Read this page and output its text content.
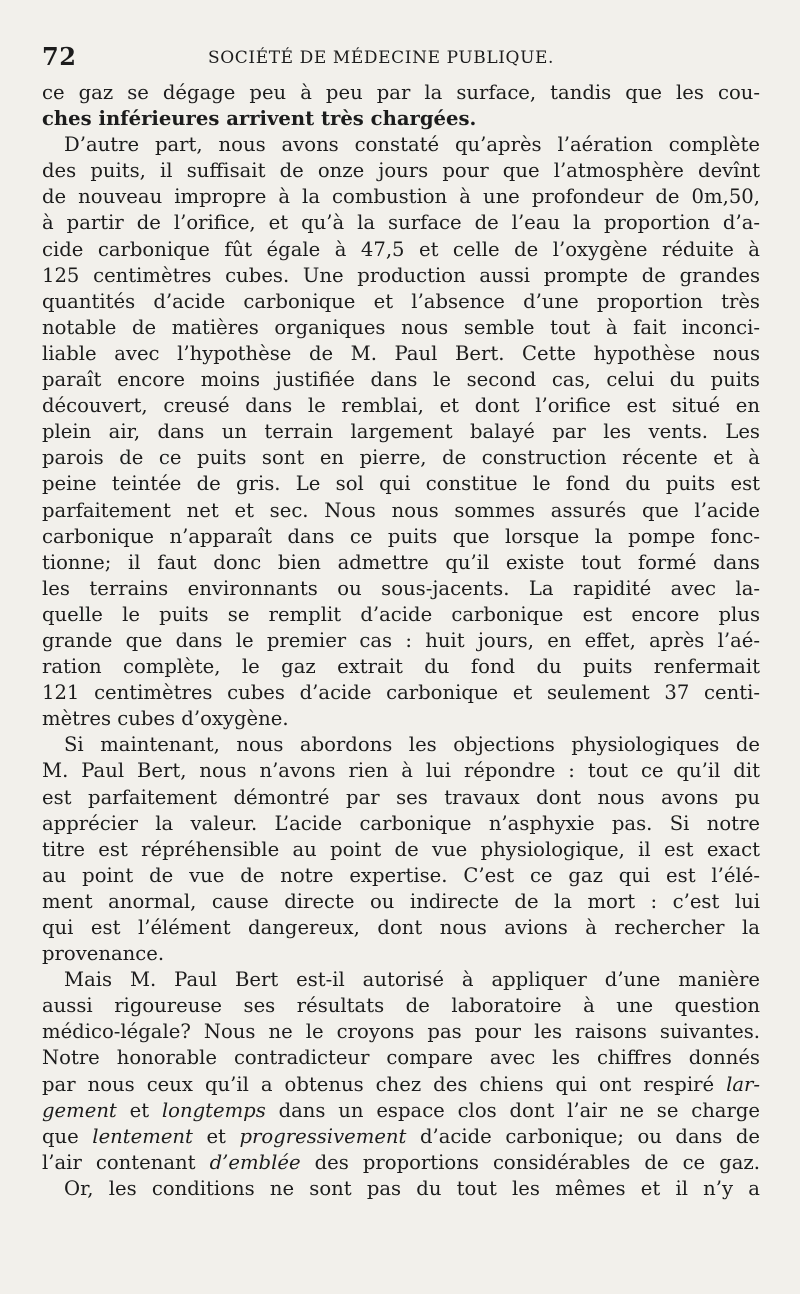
72	SOCIÉTÉ DE MÉDECINE PUBLIQUE.
ce gaz se dégage peu à peu par la surface, tandis que les cou-
ches inférieures arrivent très chargées.
D’autre part, nous avons constaté qu’après l’aération complète
des puits, il suffisait de onze jours pour que l’atmosphère devînt
de nouveau impropre à la combustion à une profondeur de 0m,50,
à partir de l’orifice, et qu’à la surface de l’eau la proportion d’a-
cide carbonique fût égale à 47,5 et celle de l’oxygène réduite à
125 centimètres cubes. Une production aussi prompte de grandes
quantités d’acide carbonique et l’absence d’une proportion très
notable de matières organiques nous semble tout à fait inconci-
liable avec l’hypothèse de M. Paul Bert. Cette hypothèse nous
paraît encore moins justifiée dans le second cas, celui du puits
découvert, creusé dans le remblai, et dont l’orifice est situé en
plein air, dans un terrain largement balayé par les vents. Les
parois de ce puits sont en pierre, de construction récente et à
peine teintée de gris. Le sol qui constitue le fond du puits est
parfaitement net et sec. Nous nous sommes assurés que l’acide
carbonique n’apparaît dans ce puits que lorsque la pompe fonc-
tionne; il faut donc bien admettre qu’il existe tout formé dans
les terrains environnants ou sous-jacents. La rapidité avec la-
quelle le puits se remplit d’acide carbonique est encore plus
grande que dans le premier cas : huit jours, en effet, après l’aé-
ration complète, le gaz extrait du fond du puits renfermait
121 centimètres cubes d’acide carbonique et seulement 37 centi-
mètres cubes d’oxygène.
Si maintenant, nous abordons les objections physiologiques de
M. Paul Bert, nous n’avons rien à lui répondre : tout ce qu’il dit
est parfaitement démontré par ses travaux dont nous avons pu
apprécier la valeur. L’acide carbonique n’asphyxie pas. Si notre
titre est répréhensible au point de vue physiologique, il est exact
au point de vue de notre expertise. C’est ce gaz qui est l’élé-
ment anormal, cause directe ou indirecte de la mort : c’est lui
qui est l’élément dangereux, dont nous avions à rechercher la
provenance.
Mais M. Paul Bert est-il autorisé à appliquer d’une manière
aussi rigoureuse ses résultats de laboratoire à une question
médico-légale? Nous ne le croyons pas pour les raisons suivantes.
Notre honorable contradicteur compare avec les chiffres donnés
par nous ceux qu’il a obtenus chez des chiens qui ont respiré lar-
gement et longtemps dans un espace clos dont l’air ne se charge
que lentement et progressivement d’acide carbonique; ou dans de
l’air contenant d’emblée des proportions considérables de ce gaz.
Or, les conditions ne sont pas du tout les mêmes et il n’y a
